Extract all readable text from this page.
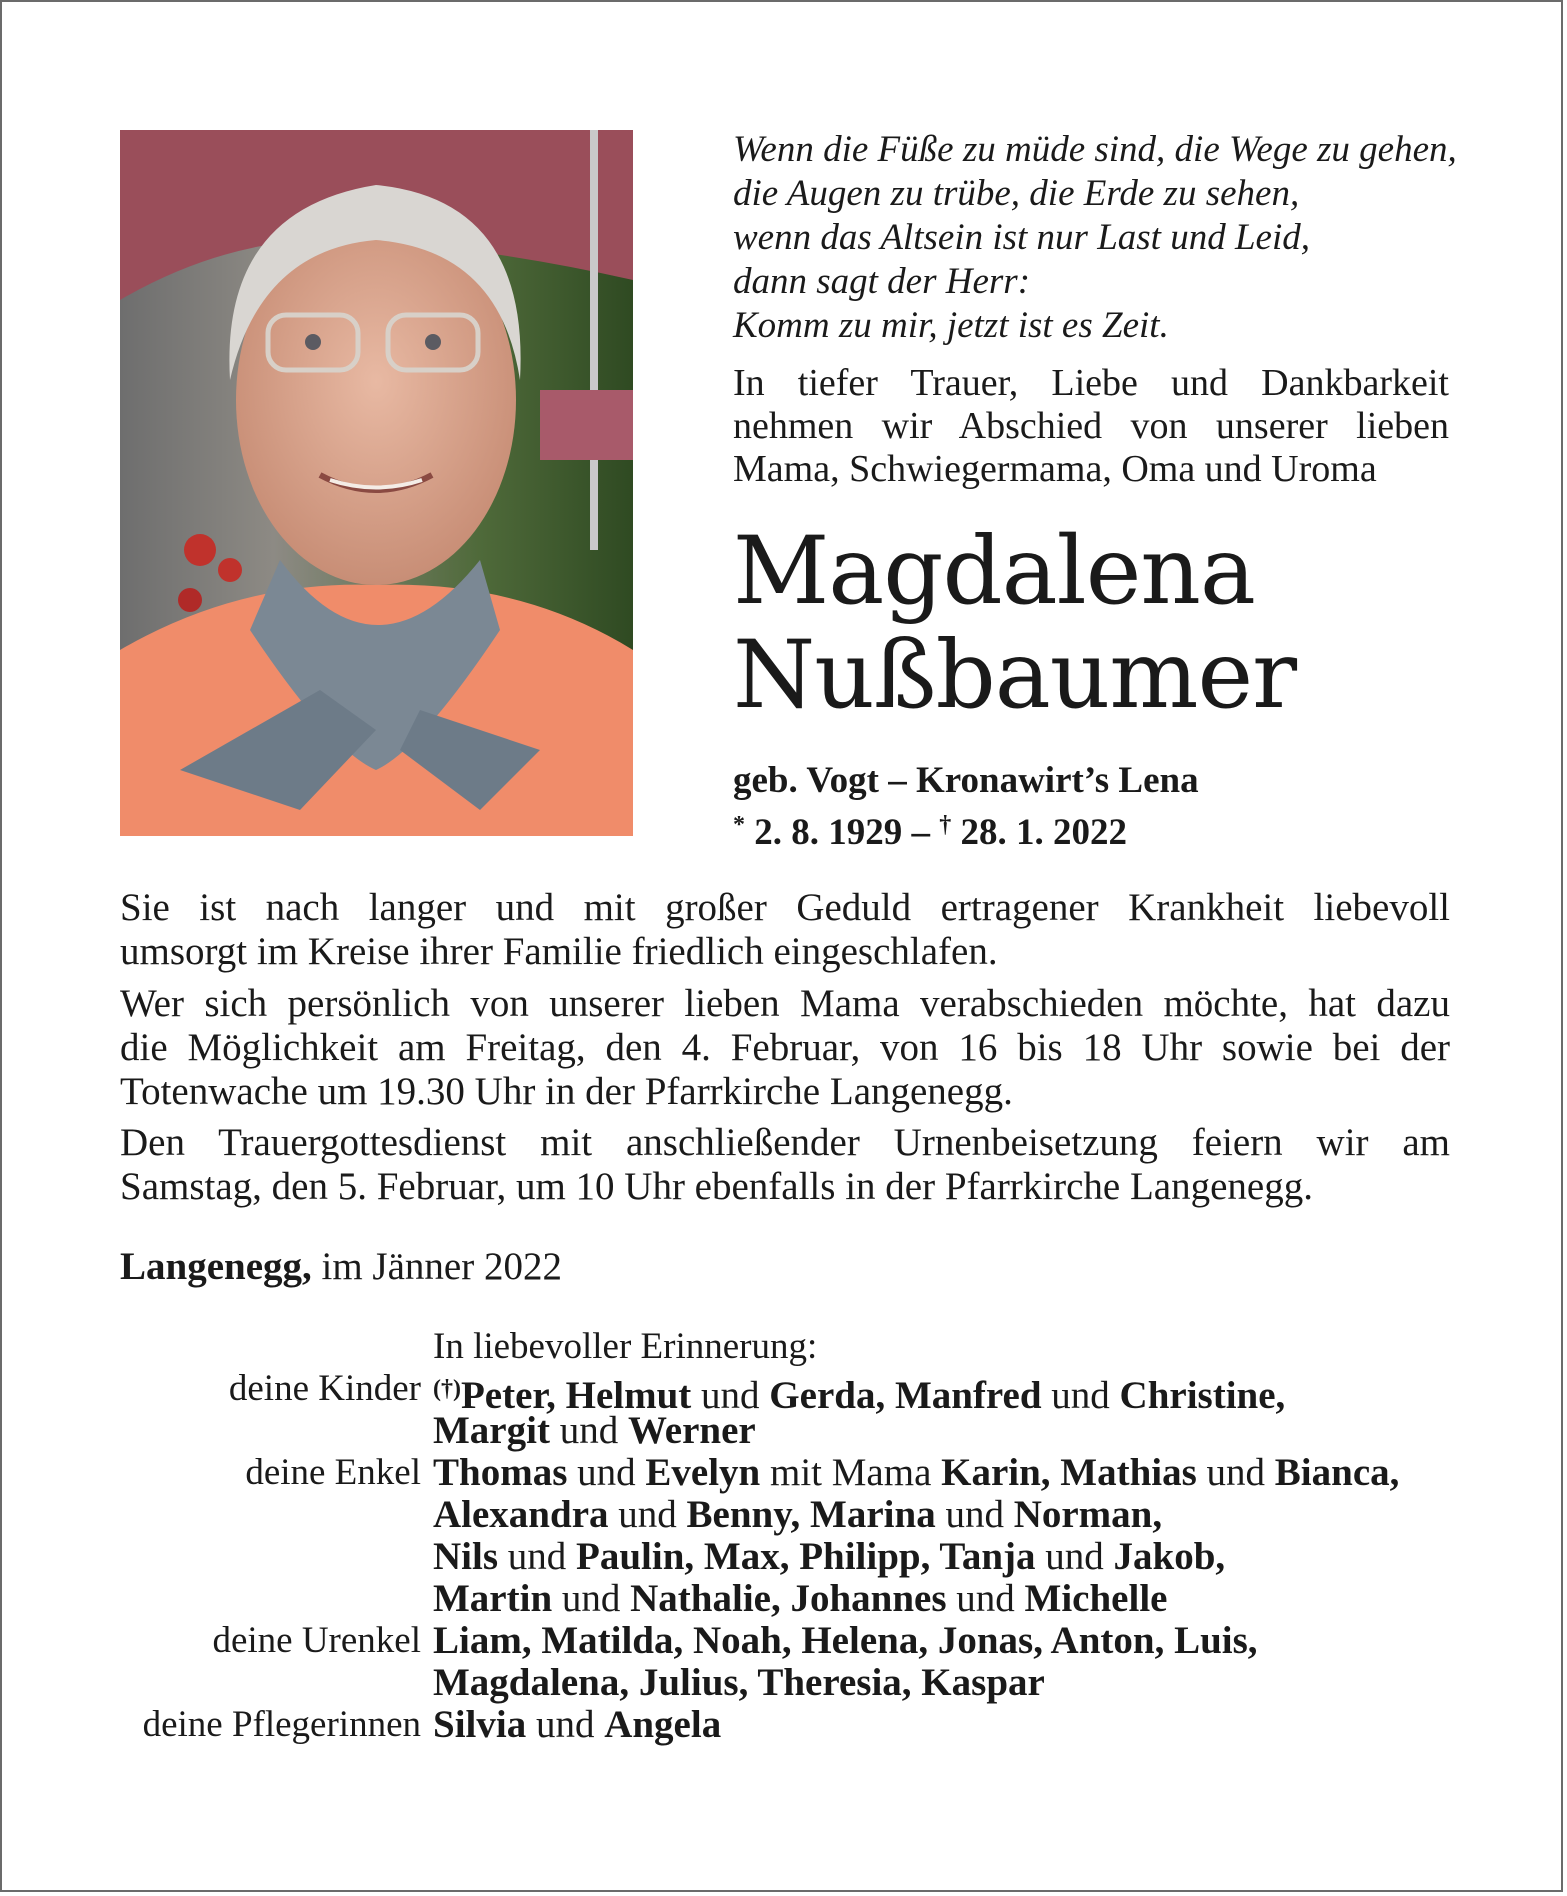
Wenn die Füße zu müde sind, die Wege zu gehen,
die Augen zu trübe, die Erde zu sehen,
wenn das Altsein ist nur Last und Leid,
dann sagt der Herr:
Komm zu mir, jetzt ist es Zeit.
In tiefer Trauer, Liebe und Dankbarkeit
nehmen wir Abschied von unserer lieben
Mama, Schwiegermama, Oma und Uroma
Magdalena
Nußbaumer
geb. Vogt – Kronawirt’s Lena
* 2. 8. 1929 – † 28. 1. 2022
Sie ist nach langer und mit großer Geduld ertragener Krankheit liebevoll
umsorgt im Kreise ihrer Familie friedlich eingeschlafen.
Wer sich persönlich von unserer lieben Mama verabschieden möchte, hat dazu
die Möglichkeit am Freitag, den 4. Februar, von 16 bis 18 Uhr sowie bei der
Totenwache um 19.30 Uhr in der Pfarrkirche Langenegg.
Den Trauergottesdienst mit anschließender Urnenbeisetzung feiern wir am
Samstag, den 5. Februar, um 10 Uhr ebenfalls in der Pfarrkirche Langenegg.
Langenegg, im Jänner 2022
In liebevoller Erinnerung:
deine Kinder (†)Peter, Helmut und Gerda, Manfred und Christine,
Margit und Werner
deine Enkel Thomas und Evelyn mit Mama Karin, Mathias und Bianca,
Alexandra und Benny, Marina und Norman,
Nils und Paulin, Max, Philipp, Tanja und Jakob,
Martin und Nathalie, Johannes und Michelle
deine Urenkel Liam, Matilda, Noah, Helena, Jonas, Anton, Luis,
Magdalena, Julius, Theresia, Kaspar
deine Pflegerinnen Silvia und Angela
